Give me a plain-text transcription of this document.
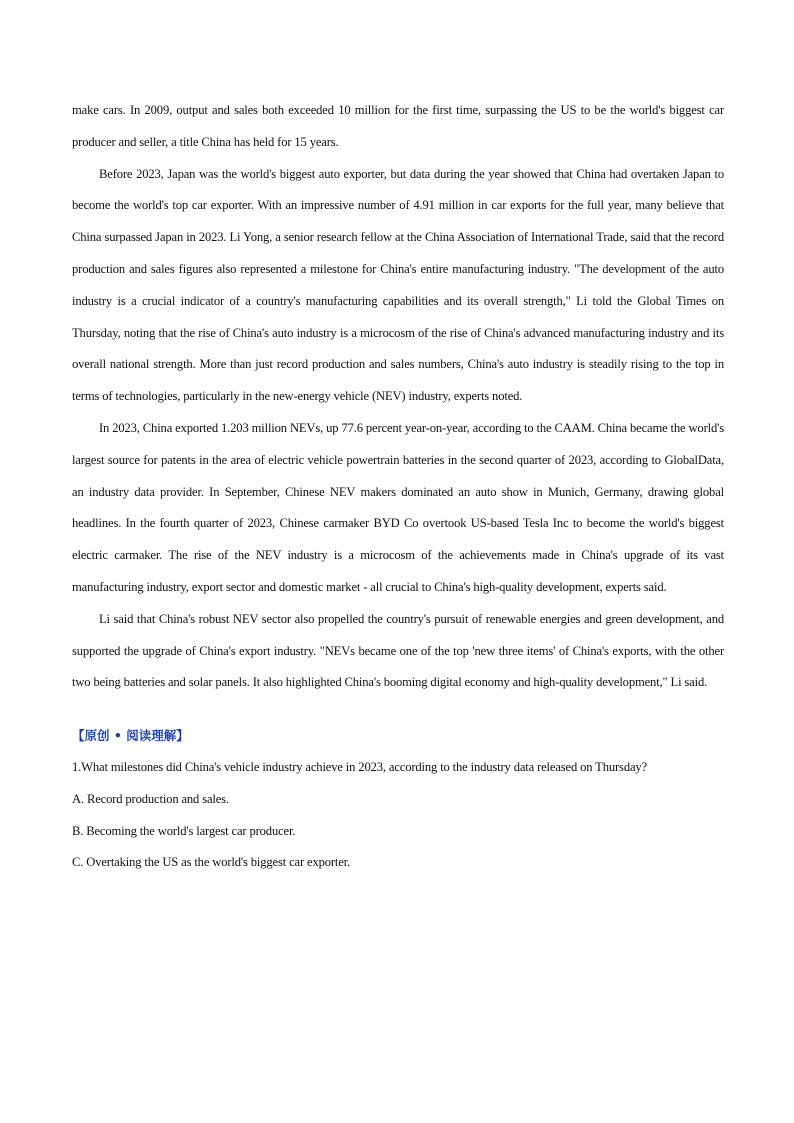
make cars. In 2009, output and sales both exceeded 10 million for the first time, surpassing the US to be the world's biggest car producer and seller, a title China has held for 15 years.

Before 2023, Japan was the world's biggest auto exporter, but data during the year showed that China had overtaken Japan to become the world's top car exporter. With an impressive number of 4.91 million in car exports for the full year, many believe that China surpassed Japan in 2023. Li Yong, a senior research fellow at the China Association of International Trade, said that the record production and sales figures also represented a milestone for China's entire manufacturing industry. "The development of the auto industry is a crucial indicator of a country's manufacturing capabilities and its overall strength," Li told the Global Times on Thursday, noting that the rise of China's auto industry is a microcosm of the rise of China's advanced manufacturing industry and its overall national strength. More than just record production and sales numbers, China's auto industry is steadily rising to the top in terms of technologies, particularly in the new-energy vehicle (NEV) industry, experts noted.

In 2023, China exported 1.203 million NEVs, up 77.6 percent year-on-year, according to the CAAM. China became the world's largest source for patents in the area of electric vehicle powertrain batteries in the second quarter of 2023, according to GlobalData, an industry data provider. In September, Chinese NEV makers dominated an auto show in Munich, Germany, drawing global headlines. In the fourth quarter of 2023, Chinese carmaker BYD Co overtook US-based Tesla Inc to become the world's biggest electric carmaker. The rise of the NEV industry is a microcosm of the achievements made in China's upgrade of its vast manufacturing industry, export sector and domestic market - all crucial to China's high-quality development, experts said.

Li said that China's robust NEV sector also propelled the country's pursuit of renewable energies and green development, and supported the upgrade of China's export industry. "NEVs became one of the top 'new three items' of China's exports, with the other two being batteries and solar panels. It also highlighted China's booming digital economy and high-quality development," Li said.

【原创 • 阅读理解】

1.What milestones did China's vehicle industry achieve in 2023, according to the industry data released on Thursday?

A. Record production and sales.

B. Becoming the world's largest car producer.

C. Overtaking the US as the world's biggest car exporter.
